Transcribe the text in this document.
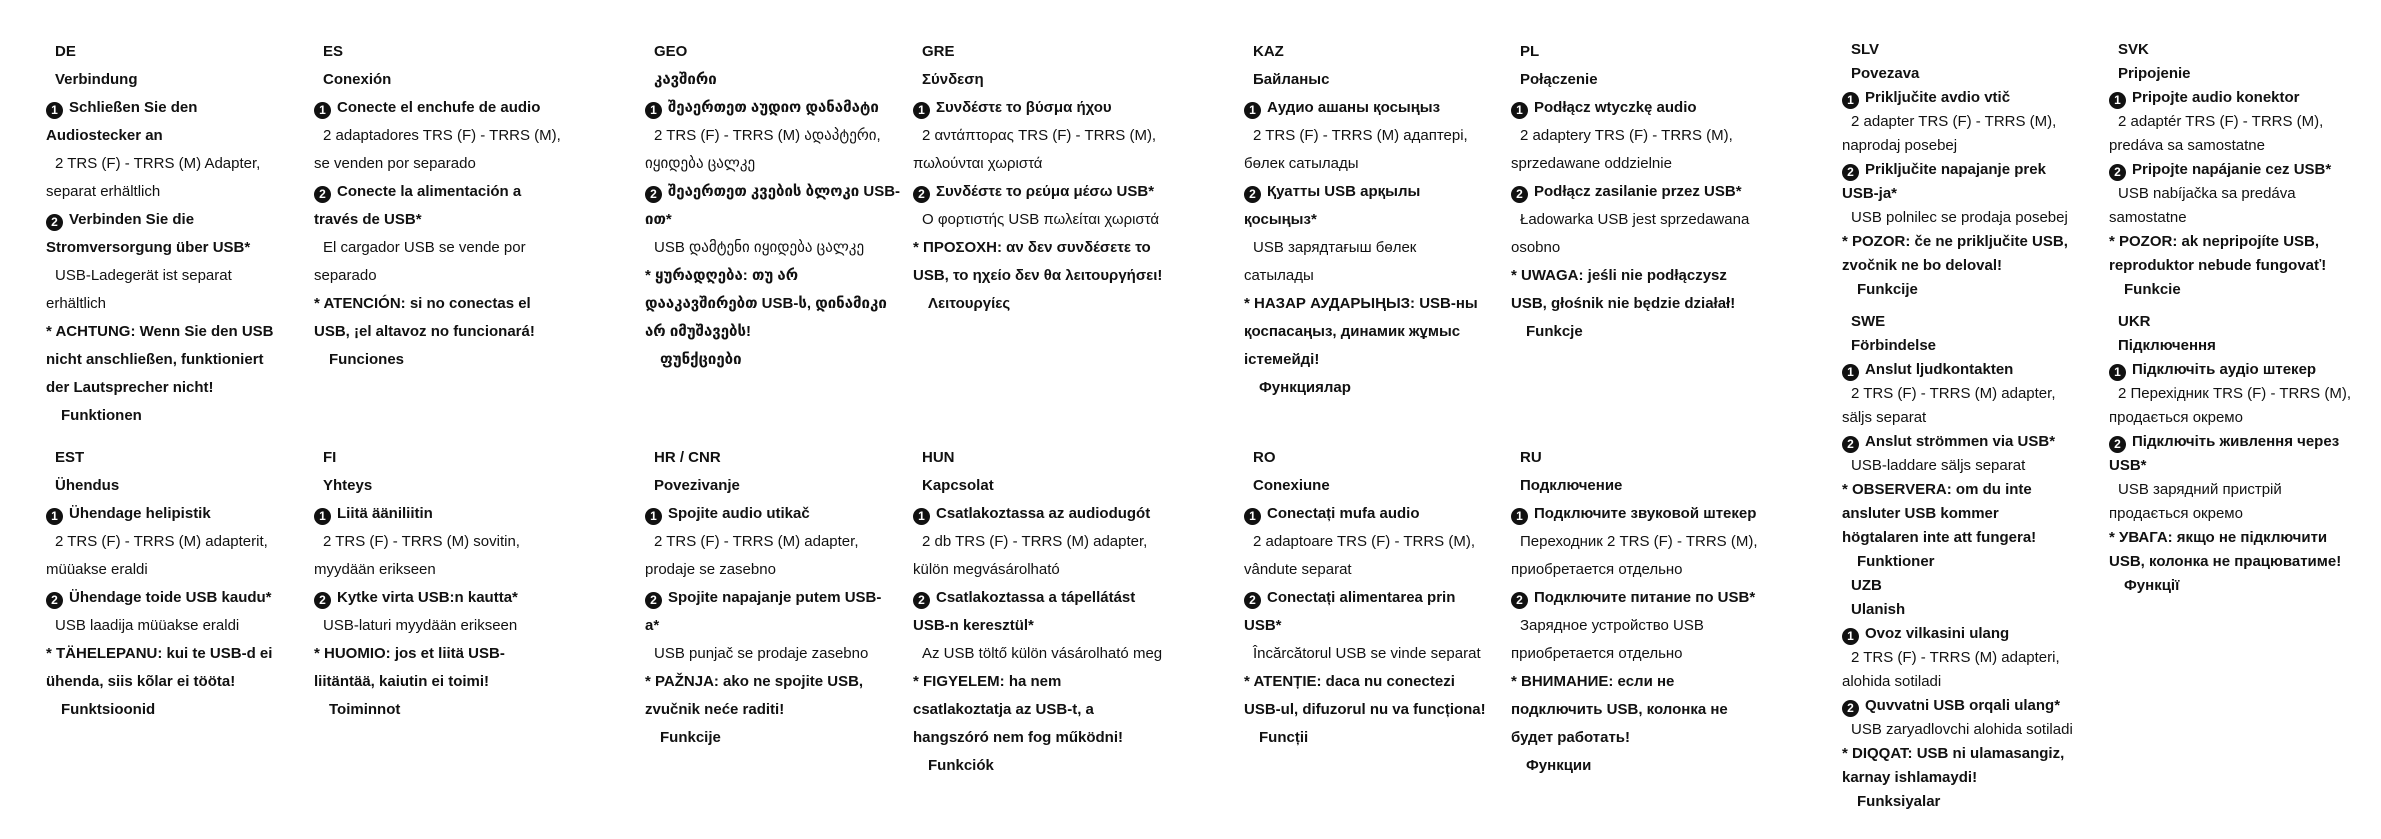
DE
Verbindung
1 Schließen Sie den Audiostecker an
2 TRS (F) - TRRS (M) Adapter, separat erhältlich
2 Verbinden Sie die Stromversorgung über USB*
USB-Ladegerät ist separat erhältlich
* ACHTUNG: Wenn Sie den USB nicht anschließen, funktioniert der Lautsprecher nicht!
Funktionen
ES
Conexión
1 Conecte el enchufe de audio
2 adaptadores TRS (F) - TRRS (M), se venden por separado
2 Conecte la alimentación a través de USB*
El cargador USB se vende por separado
* ATENCIÓN: si no conectas el USB, ¡el altavoz no funcionará!
Funciones
GEO
კავშირი
1 შეაერთეთ აუდიო დანამატი
2 TRS (F) - TRRS (M) ადაპტერი, იყიდება ცალკე
2 შეაერთეთ კვების ბლოკი USB-ით*
USB დამტენი იყიდება ცალკე
* ყურადღება: თუ არ დააკავშირებთ USB-ს, დინამიკი არ იმუშავებს!
ფუნქციები
GRE
Σύνδεση
1 Συνδέστε το βύσμα ήχου
2 αντάπτορας TRS (F) - TRRS (M), πωλούνται χωριστά
2 Συνδέστε το ρεύμα μέσω USB*
Ο φορτιστής USB πωλείται χωριστά
* ΠΡΟΣΟΧΗ: αν δεν συνδέσετε το USB, το ηχείο δεν θα λειτουργήσει!
Λειτουργίες
KAZ
Байланыс
1 Аудио ашаны қосыңыз
2 TRS (F) - TRRS (M) адаптері, бөлек сатылады
2 Қуатты USB арқылы қосыңыз*
USB зарядтағыш бөлек сатылады
* НАЗАР АУДАРЫҢЫЗ: USB-ны қоспасаңыз, динамик жұмыс істемейді!
Функциялар
PL
Połączenie
1 Podłącz wtyczkę audio
2 adaptery TRS (F) - TRRS (M), sprzedawane oddzielnie
2 Podłącz zasilanie przez USB*
Ładowarka USB jest sprzedawana osobno
* UWAGA: jeśli nie podłączysz USB, głośnik nie będzie działał!
Funkcje
SLV
Povezava
1 Priključite avdio vtič
2 adapter TRS (F) - TRRS (M), naprodaj posebej
2 Priključite napajanje prek USB-ja*
USB polnilec se prodaja posebej
* POZOR: če ne priključite USB, zvočnik ne bo deloval!
Funkcije
SVK
Pripojenie
1 Pripojte audio konektor
2 adaptér TRS (F) - TRRS (M), predáva sa samostatne
2 Pripojte napájanie cez USB*
USB nabíjačka sa predáva samostatne
* POZOR: ak nepripojíte USB, reproduktor nebude fungovať!
Funkcie
EST
Ühendus
1 Ühendage helipistik
2 TRS (F) - TRRS (M) adapterit, müüakse eraldi
2 Ühendage toide USB kaudu*
USB laadija müüakse eraldi
* TÄHELEPANU: kui te USB-d ei ühenda, siis kõlar ei tööta!
Funktsioonid
FI
Yhteys
1 Liitä ääniliitin
2 TRS (F) - TRRS (M) sovitin, myydään erikseen
2 Kytke virta USB:n kautta*
USB-laturi myydään erikseen
* HUOMIO: jos et liitä USB-liitäntää, kaiutin ei toimi!
Toiminnot
HR / CNR
Povezivanje
1 Spojite audio utikač
2 TRS (F) - TRRS (M) adapter, prodaje se zasebno
2 Spojite napajanje putem USB-a*
USB punjač se prodaje zasebno
* PAŽNJA: ako ne spojite USB, zvučnik neće raditi!
Funkcije
HUN
Kapcsolat
1 Csatlakoztassa az audiodugót
2 db TRS (F) - TRRS (M) adapter, külön megvásárolható
2 Csatlakoztassa a tápellátást USB-n keresztül*
Az USB töltő külön vásárolható meg
* FIGYELEM: ha nem csatlakoztatja az USB-t, a hangszóró nem fog működni!
Funkciók
RO
Conexiune
1 Conectați mufa audio
2 adaptoare TRS (F) - TRRS (M), vândute separat
2 Conectați alimentarea prin USB*
Încărcătorul USB se vinde separat
* ATENȚIE: daca nu conectezi USB-ul, difuzorul nu va funcționa!
Funcții
RU
Подключение
1 Подключите звуковой штекер
Переходник 2 TRS (F) - TRRS (M), приобретается отдельно
2 Подключите питание по USB*
Зарядное устройство USB приобретается отдельно
* ВНИМАНИЕ: если не подключить USB, колонка не будет работать!
Функции
SWE
Förbindelse
1 Anslut ljudkontakten
2 TRS (F) - TRRS (M) adapter, säljs separat
2 Anslut strömmen via USB*
USB-laddare säljs separat
* OBSERVERA: om du inte ansluter USB kommer högtalaren inte att fungera!
Funktioner
UKR
Підключення
1 Підключіть аудіо штекер
2 Перехідник TRS (F) - TRRS (M), продається окремо
2 Підключіть живлення через USB*
USB зарядний пристрій продається окремо
* УВАГА: якщо не підключити USB, колонка не працюватиме!
Функції
UZB
Ulanish
1 Ovoz vilkasini ulang
2 TRS (F) - TRRS (M) adapteri, alohida sotiladi
2 Quvvatni USB orqali ulang*
USB zaryadlovchi alohida sotiladi
* DIQQAT: USB ni ulamasangiz, karnay ishlamaydi!
Funksiyalar
